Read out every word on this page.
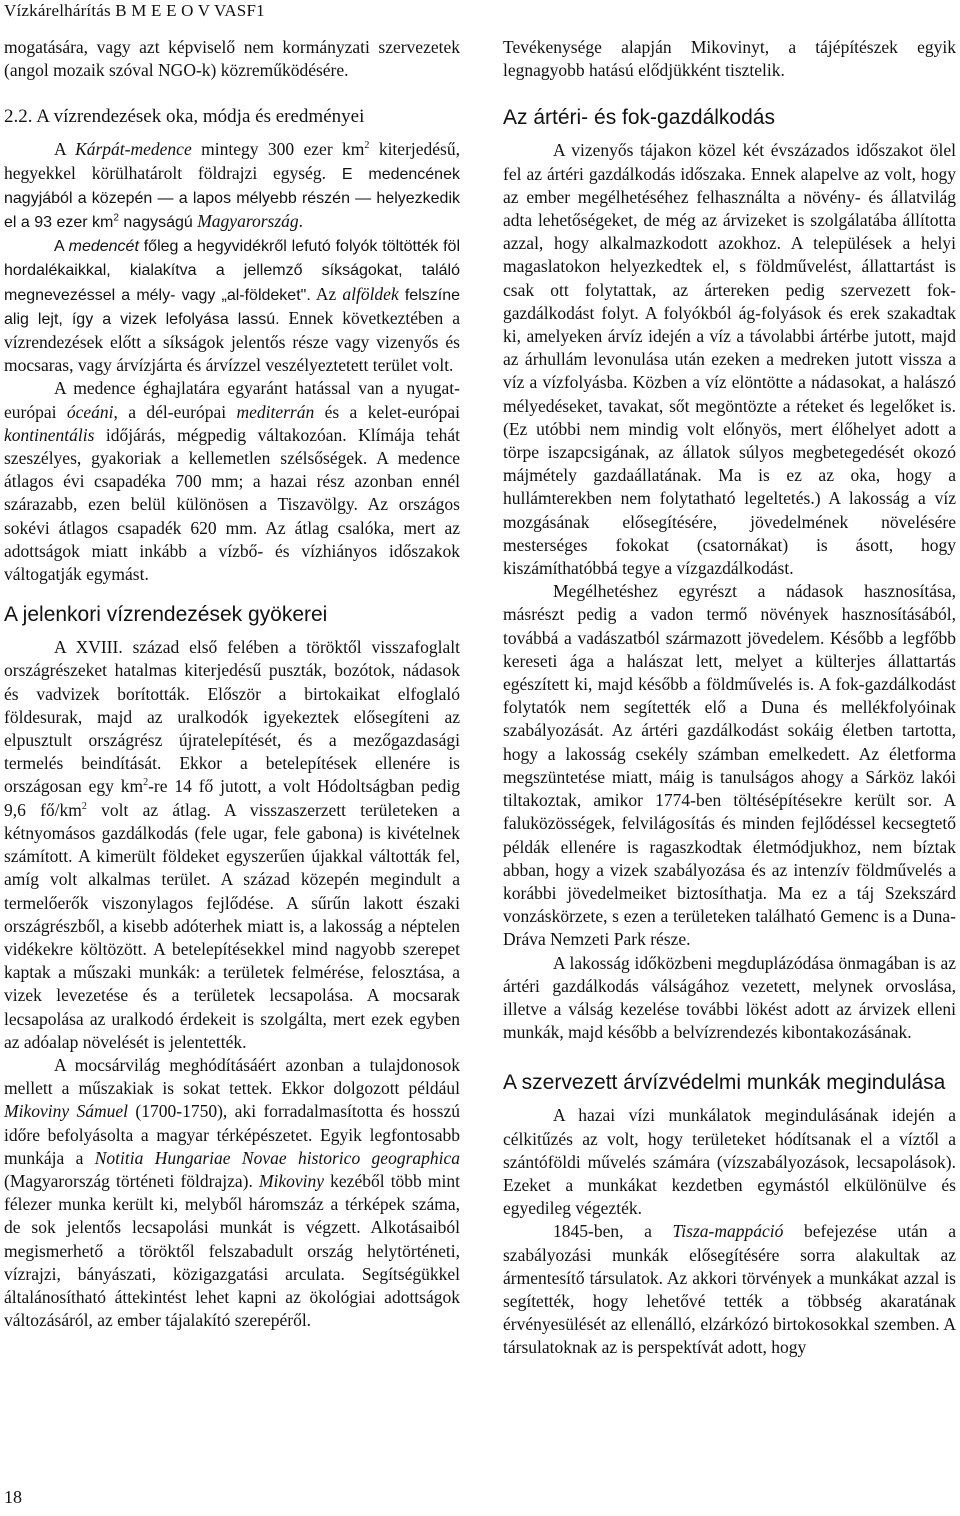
Vízkárelhárítás B M E E O V VASF1

mogatására, vagy azt képviselő nem kormányzati szervezetek (angol mozaik szóval NGO-k) közreműködésére.

2.2. A vízrendezések oka, módja és eredményei

A Kárpát-medence mintegy 300 ezer $km^2$ kiterjedésű, hegyekkel körülhatárolt földrajzi egység. E medencének nagyjából a közepén — a lapos mélyebb részén — helyezkedik el a 93 ezer $km^2$ nagyságú Magyarország.

A medencét főleg a hegyvidékről lefutó folyók töltötték föl hordalékaikkal, kialakítva a jellemző síkságokat, találó megnevezéssel a mély- vagy „al-földeket". Az alföldek felszíne alig lejt, így a vizek lefolyása lassú. Ennek következtében a vízrendezések előtt a síkságok jelentős része vagy vizenyős és mocsaras, vagy árvízjárta és árvízzel veszélyeztetett terület volt.

A medence éghajlatára egyaránt hatással van a nyugat-európai óceáni, a dél-európai mediterrán és a kelet-európai kontinentális időjárás, mégpedig váltakozóan. Klímája tehát szeszélyes, gyakoriak a kellemetlen szélsőségek. A medence átlagos évi csapadéka 700 mm; a hazai rész azonban ennél szárazabb, ezen belül különösen a Tiszavölgy. Az országos sokévi átlagos csapadék 620 mm. Az átlag csalóka, mert az adottságok miatt inkább a vízbő- és vízhiányos időszakok váltogatják egymást.

A jelenkori vízrendezések gyökerei

A XVIII. század első felében a töröktől visszafoglalt országrészeket hatalmas kiterjedésű puszták, bozótok, nádasok és vadvizek borították. Először a birtokaikat elfoglaló földesurak, majd az uralkodók igyekeztek elősegíteni az elpusztult országrész újratelepítését, és a mezőgazdasági termelés beindítását. Ekkor a betelepítések ellenére is országosan egy $km^2-re$ 14 fő jutott, a volt Hódoltságban pedig 9,6 $fő/km^2$ volt az átlag. A visszaszerzett területeken a kétnyomásos gazdálkodás (fele ugar, fele gabona) is kivételnek számított. A kimerült földeket egyszerűen újakkal váltották fel, amíg volt alkalmas terület. A század közepén megindult a termelőerők viszonylagos fejlődése. A sűrűn lakott északi országrészből, a kisebb adóterhek miatt is, a lakosság a néptelen vidékekre költözött. A betelepítésekkel mind nagyobb szerepet kaptak a műszaki munkák: a területek felmérése, felosztása, a vizek levezetése és a területek lecsapolása. A mocsarak lecsapolása az uralkodó érdekeit is szolgálta, mert ezek egyben az adóalap növelését is jelentették.

A mocsárvilág meghódításáért azonban a tulajdonosok mellett a műszakiak is sokat tettek. Ekkor dolgozott például Mikoviny Sámuel (1700-1750), aki forradalmasította és hosszú időre befolyásolta a magyar térképészetet. Egyik legfontosabb munkája a Notitia Hungariae Novae historico geographica (Magyarország történeti földrajza). Mikoviny kezéből több mint félezer munka került ki, melyből háromszáz a térképek száma, de sok jelentős lecsapolási munkát is végzett. Alkotásaiból megismerhető a töröktől felszabadult ország helytörténeti, vízrajzi, bányászati, közigazgatási arculata. Segítségükkel általánosítható áttekintést lehet kapni az ökológiai adottságok változásáról, az ember tájalakító szerepéről.

Tevékenysége alapján Mikovinyt, a tájépítészek egyik legnagyobb hatású elődjükként tisztelik.

Az ártéri- és fok-gazdálkodás

A vizenyős tájakon közel két évszázados időszakot ölel fel az ártéri gazdálkodás időszaka. Ennek alapelve az volt, hogy az ember megélhetéséhez felhasználta a növény- és állatvilág adta lehetőségeket, de még az árvizeket is szolgálatába állította azzal, hogy alkalmazkodott azokhoz. A települések a helyi magaslatokon helyezkedtek el, s földművelést, állattartást is csak ott folytattak, az ártereken pedig szervezett fok-gazdálkodást folyt. A folyókból ág-folyások és erek szakadtak ki, amelyeken árvíz idején a víz a távolabbi ártérbe jutott, majd az árhullám levonulása után ezeken a medreken jutott vissza a víz a vízfolyásba. Közben a víz elöntötte a nádasokat, a halászó mélyedéseket, tavakat, sőt megöntözte a réteket és legelőket is. (Ez utóbbi nem mindig volt előnyös, mert élőhelyet adott a törpe iszapcsigának, az állatok súlyos megbetegedését okozó májmétely gazdaállatának. Ma is ez az oka, hogy a hullámterekben nem folytatható legeltetés.) A lakosság a víz mozgásának elősegítésére, jövedelmének növelésére mesterséges fokokat (csatornákat) is ásott, hogy kiszámíthatóbbá tegye a vízgazdálkodást.

Megélhetéshez egyrészt a nádasok hasznosítása, másrészt pedig a vadon termő növények hasznosításából, továbbá a vadászatból származott jövedelem. Később a legfőbb kereseti ága a halászat lett, melyet a külterjes állattartás egészített ki, majd később a földművelés is. A fok-gazdálkodást folytatók nem segítették elő a Duna és mellékfolyóinak szabályozását. Az ártéri gazdálkodást sokáig életben tartotta, hogy a lakosság csekély számban emelkedett. Az életforma megszüntetése miatt, máig is tanulságos ahogy a Sárköz lakói tiltakoztak, amikor 1774-ben töltésépítésekre került sor. A faluközösségek, felvilágosítás és minden fejlődéssel kecsegtető példák ellenére is ragaszkodtak életmódjukhoz, nem bíztak abban, hogy a vizek szabályozása és az intenzív földművelés a korábbi jövedelmeiket biztosíthatja. Ma ez a táj Szekszárd vonzáskörzete, s ezen a területeken található Gemenc is a Duna-Dráva Nemzeti Park része.

A lakosság időközbeni megduplázódása önmagában is az ártéri gazdálkodás válságához vezetett, melynek orvoslása, illetve a válság kezelése további lökést adott az árvizek elleni munkák, majd később a belvízrendezés kibontakozásának.

A szervezett árvízvédelmi munkák megindulása

A hazai vízi munkálatok megindulásának idején a célkitűzés az volt, hogy területeket hódítsanak el a víztől a szántóföldi művelés számára (vízszabályozások, lecsapolások). Ezeket a munkákat kezdetben egymástól elkülönülve és egyedileg végezték.

1845-ben, a Tisza-mappáció befejezése után a szabályozási munkák elősegítésére sorra alakultak az ármentesítő társulatok. Az akkori törvények a munkákat azzal is segítették, hogy lehetővé tették a többség akaratának érvényesülését az ellenálló, elzárkózó birtokosokkal szemben. A társulatoknak az is perspektívát adott, hogy

18
